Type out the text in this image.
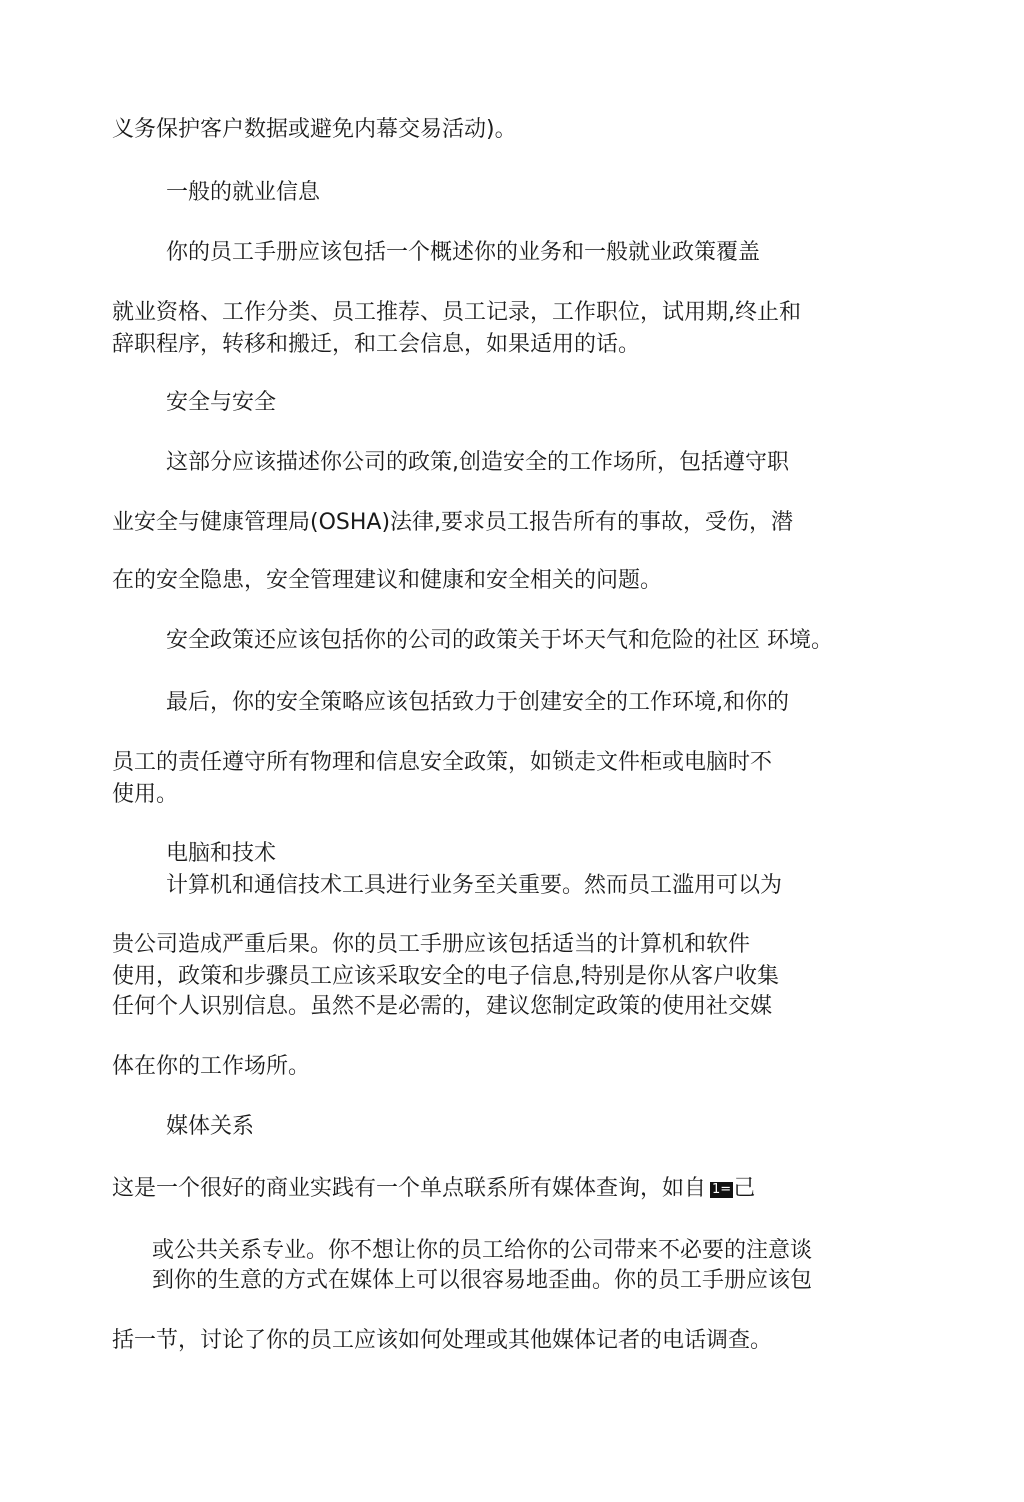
义务保护客户数据或避免内幕交易活动)。

一般的就业信息

你的员工手册应该包括一个概述你的业务和一般就业政策覆盖

就业资格、工作分类、员工推荐、员工记录，工作职位，试用期,终止和

辞职程序，转移和搬迁，和工会信息，如果适用的话。

安全与安全

这部分应该描述你公司的政策,创造安全的工作场所，包括遵守职

业安全与健康管理局(OSHA)法律,要求员工报告所有的事故，受伤，潜

在的安全隐患，安全管理建议和健康和安全相关的问题。

安全政策还应该包括你的公司的政策关于坏天气和危险的社区 环境。

最后，你的安全策略应该包括致力于创建安全的工作环境,和你的

员工的责任遵守所有物理和信息安全政策，如锁走文件柜或电脑时不

使用。

电脑和技术

计算机和通信技术工具进行业务至关重要。然而员工滥用可以为

贵公司造成严重后果。你的员工手册应该包括适当的计算机和软件

使用，政策和步骤员工应该采取安全的电子信息,特别是你从客户收集

任何个人识别信息。虽然不是必需的，建议您制定政策的使用社交媒

体在你的工作场所。

媒体关系

这是一个很好的商业实践有一个单点联系所有媒体查询，如自 1=己

或公共关系专业。你不想让你的员工给你的公司带来不必要的注意谈

到你的生意的方式在媒体上可以很容易地歪曲。你的员工手册应该包

括一节，讨论了你的员工应该如何处理或其他媒体记者的电话调查。
